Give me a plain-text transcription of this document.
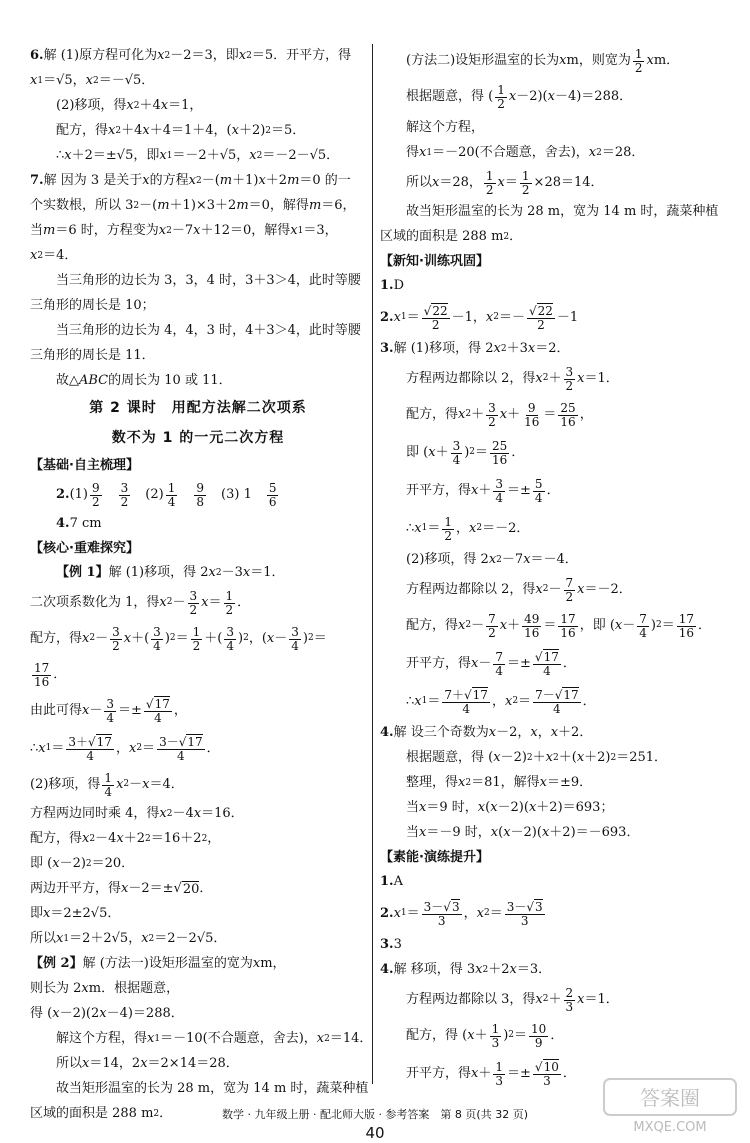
6. 解 (1)原方程可化为 x 2 －2＝3，即 x 2 ＝5．开平方，得
x 1 ＝√5， x 2 ＝－√5．
(2)移项，得 x 2 ＋4 x ＝1，
配方，得 x 2 ＋4 x ＋4＝1＋4，( x ＋2) 2 ＝5．
∴ x ＋2＝±√5，即 x 1 ＝－2＋√5， x 2 ＝－2－√5．
7. 解 因为 3 是关于 x 的方程 x 2 －( m ＋1) x ＋2 m ＝0 的一
个实数根，所以 3 2 －( m ＋1)×3＋2 m ＝0，解得 m ＝6，
当 m ＝6 时，方程变为 x 2 －7 x ＋12＝0，解得 x 1 ＝3，
x 2 ＝4．
当三角形的边长为 3，3，4 时，3＋3＞4，此时等腰
三角形的周长是 10；
当三角形的边长为 4，4，3 时，4＋3＞4，此时等腰
三角形的周长是 11．
故△ ABC 的周长为 10 或 11．
第 2 课时　用配方法解二次项系
数不为 1 的一元二次方程
【基础·自主梳理】
2. $(1) \frac{9}{2}$
　 $\frac{3}{2}$ 　$(2) \frac{1}{4}$
　 $\frac{9}{8}$ 　(3) 1　 $\frac{5}{6}$
4. 7 cm
【核心·重难探究】
【例 1】 解 (1)移项，得 2 x 2 －3 x ＝1．
二次项系数化为 1，得 x $2 - \frac{3}{2}$ $x = \frac{1}{2}$ ．
配方，得 x $2 - \frac{3}{2}$ x ＋( $\frac{3}{4}$ ) $2 = \frac{1}{2}$ ＋( $\frac{3}{4}$ ) 2 ，( $x - \frac{3}{4}$ ) 2 ＝
$\frac{17}{16}$ ．
由此可得 $x - \frac{3}{4} =\pm \frac{√17}{4}$ ，
∴ x $1 = \frac{3+√17}{4}$ ， x $2 = \frac{3-√17}{4}$ ．
(2)移项，得 $\frac{1}{4}$ x 2 － x ＝4．
方程两边同时乘 4，得 x 2 －4 x ＝16．
配方，得 x 2 －4 x ＋2 2 ＝16＋2 2 ，
即 ( x －2) 2 ＝20．
两边开平方，得 x －2＝±√ 20 ．
即 x ＝2±2√5．
所以 x 1 ＝2＋2√5， x 2 ＝2－2√5．
【例 2】 解 (方法一)设矩形温室的宽为 x m，
则长为 2 x m．根据题意，
得 ( x －2)(2 x －4)＝288．
解这个方程，得 x 1 ＝－10(不合题意，舍去)， x 2 ＝14．
所以 x ＝14，2 x ＝2×14＝28．
故当矩形温室的长为 28 m，宽为 14 m 时，蔬菜种植
区域的面积是 288 m 2 ．
(方法二)设矩形温室的长为 x m，则宽为 $\frac{1}{2}$ x m．
根据题意，得 ( $\frac{1}{2}$ x －2)( x －4)＝288．
解这个方程，
得 x 1 ＝－20(不合题意，舍去)， x 2 ＝28．
所以 x ＝28， $\frac{1}{2}$ $x = \frac{1}{2} \times 28=14$．
故当矩形温室的长为 28 m，宽为 14 m 时，蔬菜种植
区域的面积是 288 m 2 ．
【新知·训练巩固】
1. D
2. x $1 = \frac{√22}{2} -1$， x $2 =- \frac{√22}{2} -1$
3. 解 (1)移项，得 2 x 2 ＋3 x ＝2．
方程两边都除以 2，得 x $2 + \frac{3}{2}$ x ＝1．
配方，得 x $2 + \frac{3}{2}$ $x + \frac{9}{16} = \frac{25}{16}$ ，
即 ( $x + \frac{3}{4}$ ) $2 = \frac{25}{16}$ ．
开平方，得 $x + \frac{3}{4} =\pm \frac{5}{4}$ ．
∴ x $1 = \frac{1}{2}$ ， x 2 ＝－2．
(2)移项，得 2 x 2 －7 x ＝－4．
方程两边都除以 2，得 x $2 - \frac{7}{2}$ x ＝－2．
配方，得 x $2 - \frac{7}{2}$ $x + \frac{49}{16} = \frac{17}{16}$ ，即 ( $x - \frac{7}{4}$ ) $2 = \frac{17}{16}$ ．
开平方，得 $x - \frac{7}{4} =\pm \frac{√17}{4}$ ．
∴ x $1 = \frac{7+√17}{4}$ ， x $2 = \frac{7-√17}{4}$ ．
4. 解 设三个奇数为 x －2， x ， x ＋2．
根据题意，得 ( x －2) 2 ＋ x 2 ＋( x ＋2) 2 ＝251．
整理，得 x 2 ＝81，解得 x ＝±9．
当 x ＝9 时， x ( x －2)( x ＋2)＝693；
当 x ＝－9 时， x ( x －2)( x ＋2)＝－693．
【素能·演练提升】
1. A
2. x $1 = \frac{3-√3}{3}$ ， x $2 = \frac{3-√3}{3}$
3. 3
4. 解 移项，得 3 x 2 ＋2 x ＝3．
方程两边都除以 3，得 x $2 + \frac{2}{3}$ x ＝1．
配方，得 ( $x + \frac{1}{3}$ ) $2 = \frac{10}{9}$ ．
开平方，得 $x + \frac{1}{3} =\pm \frac{√10}{3}$ ．
数学 · 九年级上册 · 配北师大版 · 参考答案　第 8 页(共 32 页)
40
答案圈
MXQE.COM
